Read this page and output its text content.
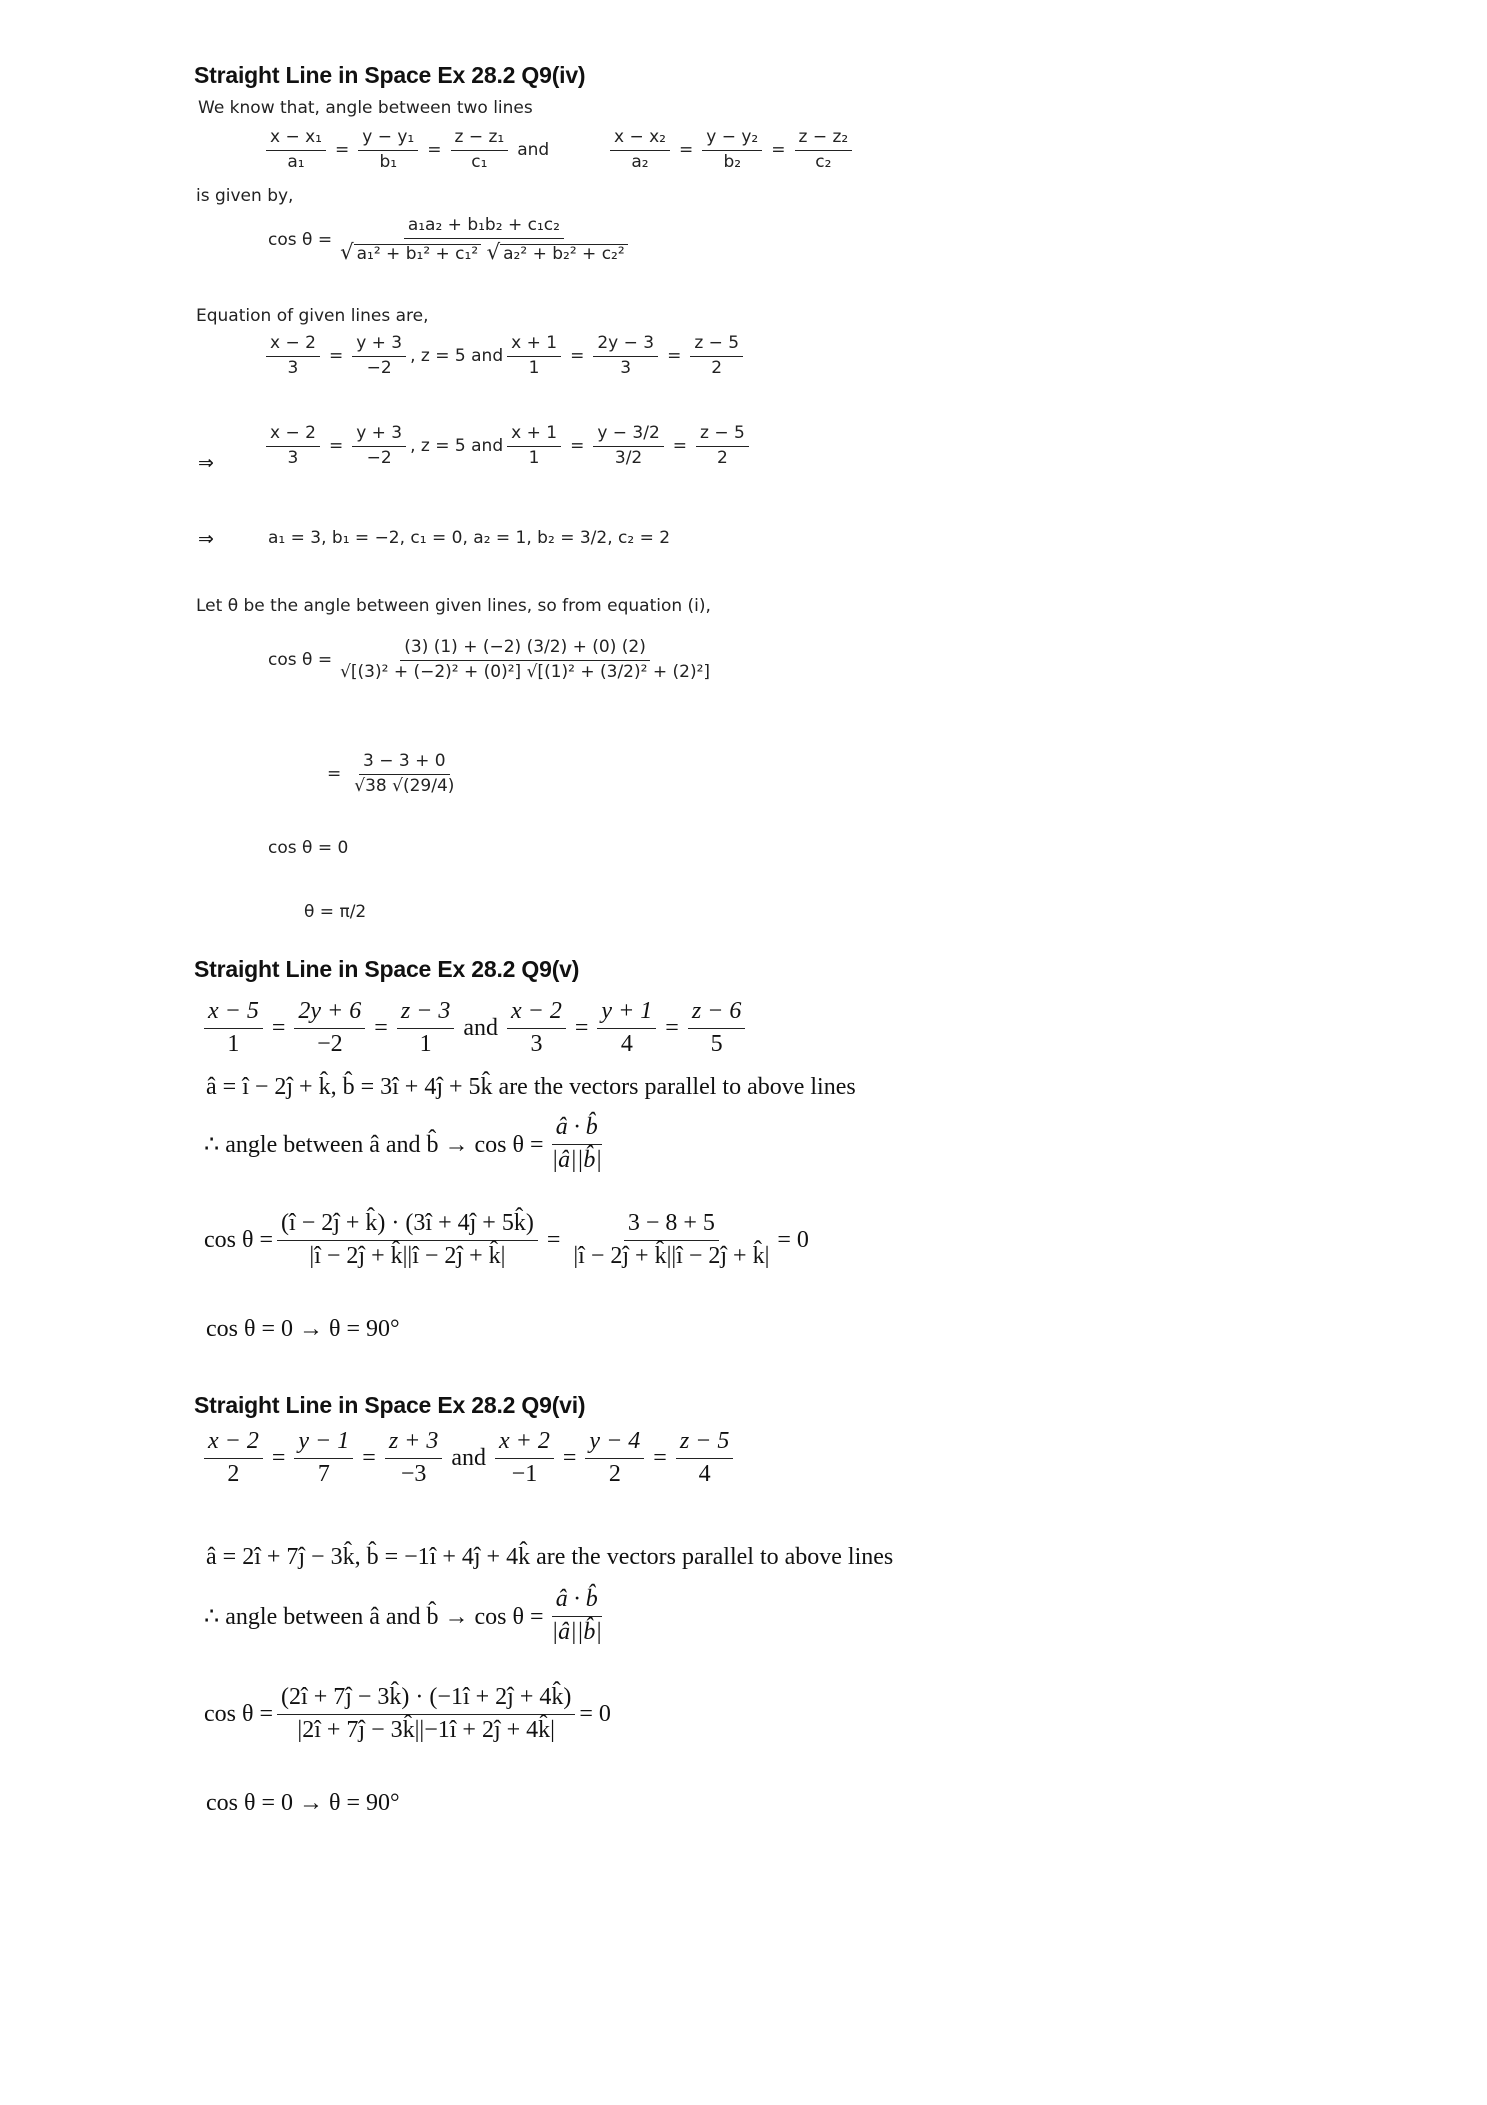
Straight Line in Space Ex 28.2 Q9(iv)
We know that, angle between two lines
$\frac{\text{x − x₁}}{\text{a₁}} = \frac{\text{y − y₁}}{\text{b₁}} = \frac{\text{z − z₁}}{\text{c₁}}$ and	$\frac{\text{x − x₂}}{\text{a₂}} = \frac{\text{y − y₂}}{\text{b₂}} = \frac{\text{z − z₂}}{\text{c₂}}$
is given by,
$\cos \theta = \frac{\text{a₁a₂ + b₁b₂ + c₁c₂}}{\text{√ a₁² + b₁² + c₁² √ a₂² + b₂² + c₂²}}$
Equation of given lines are,
$\frac{x - 2}{3} = \frac{y + 3}{-2}$ , z = 5 and $\frac{x + 1}{1} = \frac{2y - 3}{3} = \frac{z - 5}{2}$
⇒	$\frac{x - 2}{3} = \frac{y + 3}{-2}$ , z = 5 and $\frac{x + 1}{1} = \frac{y - 3/2}{3/2} = \frac{z - 5}{2}$
⇒	a₁ = 3, b₁ = −2, c₁ = 0, a₂ = 1, b₂ = 3/2, c₂ = 2
Let θ be the angle between given lines, so from equation (i),
$\cos \theta = \frac{(3) (1) + (-2) (3/2) + (0) (2)}{\text{√[(3)² + (−2)² + (0)²] √[(1)² + (3/2)² + (2)²]}}$
= $\frac{3 - 3 + 0}{√38 √(29/4)}$
cos θ = 0
θ = π/2
Straight Line in Space Ex 28.2 Q9(v)
$\frac{x - 5}{1} = \frac{2y + 6}{-2} = \frac{z - 3}{1}$ and $\frac{x - 2}{3} = \frac{y + 1}{4} = \frac{z - 6}{5}$
â = î − 2ĵ + k̂, b̂ = 3î + 4ĵ + 5k̂ are the vectors parallel to above lines
∴ angle between â and b̂ → $\cos \theta = \frac{â \cdot b̂}{|â||b̂|}$
$\cos \theta = \frac{(î - 2ĵ + k̂) \cdot (3î + 4ĵ + 5k̂)}{|î - 2ĵ + k̂||î - 2ĵ + k̂|} = \frac{3 - 8 + 5}{|î - 2ĵ + k̂||î - 2ĵ + k̂|} = 0$
cos θ = 0 → θ = 90°
Straight Line in Space Ex 28.2 Q9(vi)
$\frac{x - 2}{2} = \frac{y - 1}{7} = \frac{z + 3}{-3}$ and $\frac{x + 2}{-1} = \frac{y - 4}{2} = \frac{z - 5}{4}$
â = 2î + 7ĵ − 3k̂, b̂ = −1î + 4ĵ + 4k̂ are the vectors parallel to above lines
∴ angle between â and b̂ → $\cos \theta = \frac{â \cdot b̂}{|â||b̂|}$
$\cos \theta = \frac{(2î + 7ĵ - 3k̂) \cdot (-1î + 2ĵ + 4k̂)}{|2î + 7ĵ - 3k̂||-1î + 2ĵ + 4k̂|} = 0$
cos θ = 0 → θ = 90°
